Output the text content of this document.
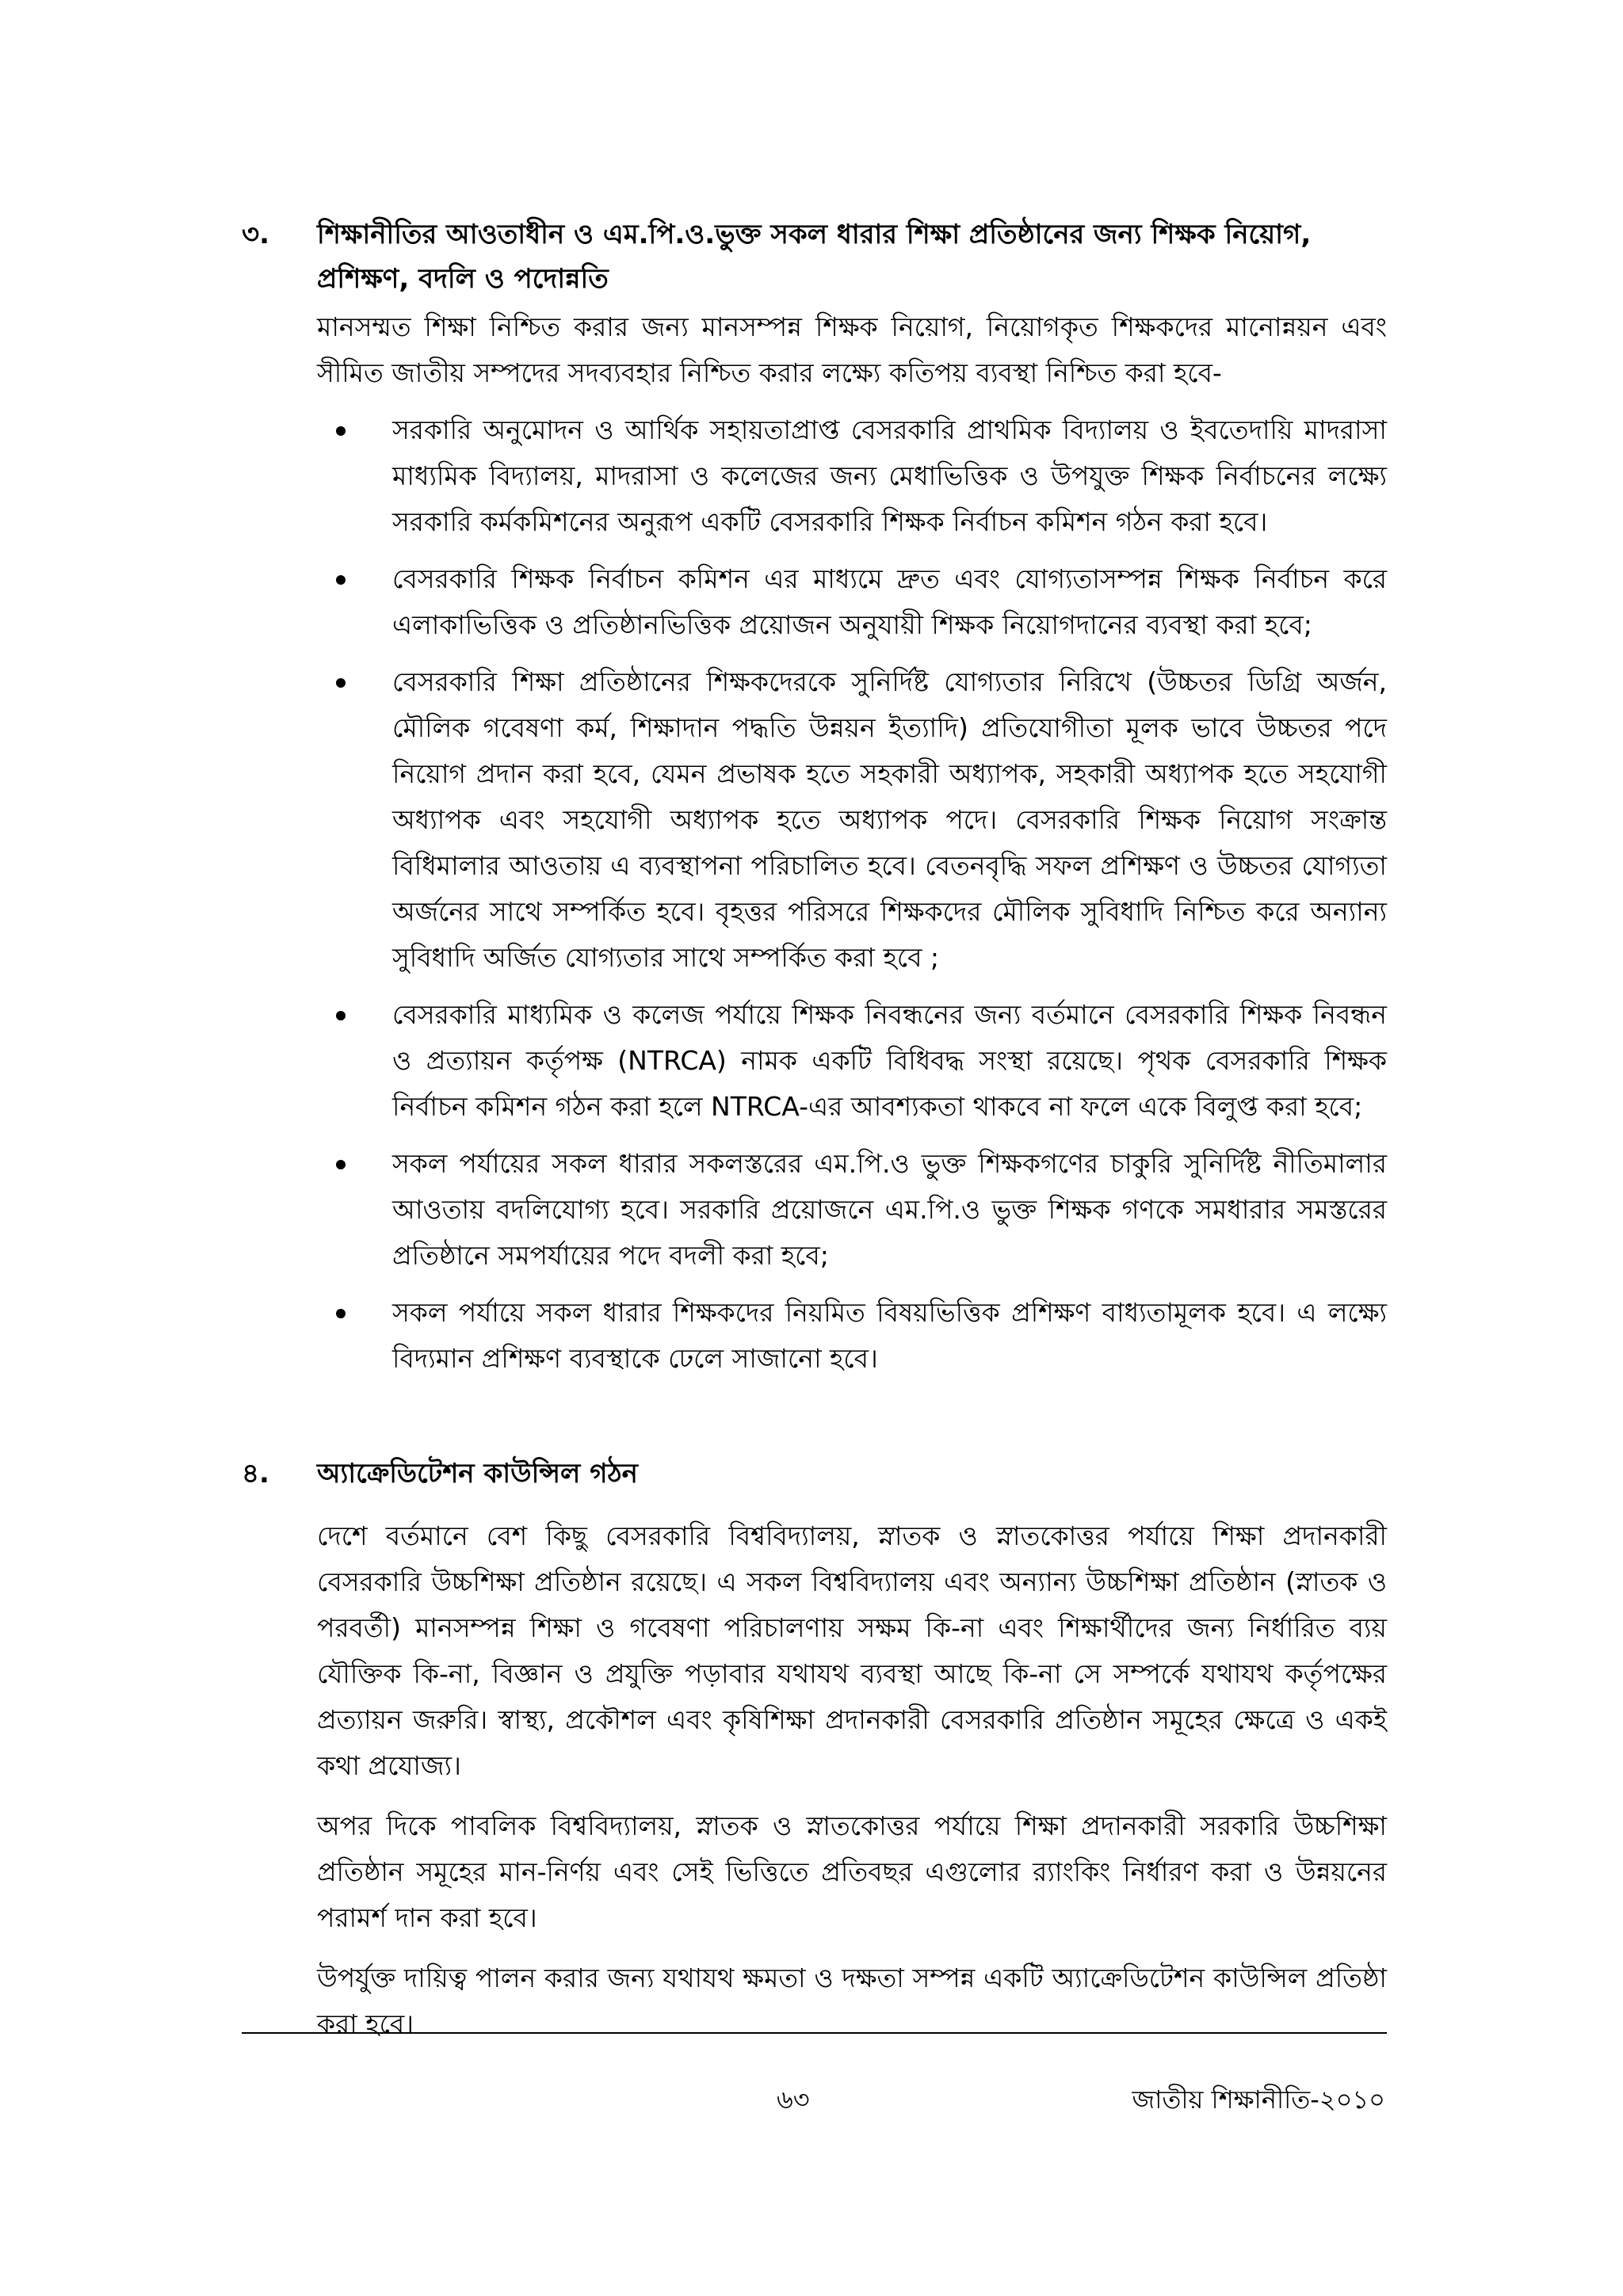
৩. শিক্ষানীতির আওতাধীন ও এম.পি.ও.ভুক্ত সকল ধারার শিক্ষা প্রতিষ্ঠানের জন্য শিক্ষক নিয়োগ, প্রশিক্ষণ, বদলি ও পদোন্নতি

মানসম্মত শিক্ষা নিশ্চিত করার জন্য মানসম্পন্ন শিক্ষক নিয়োগ, নিয়োগকৃত শিক্ষকদের মানোন্নয়ন এবং সীমিত জাতীয় সম্পদের সদব্যবহার নিশ্চিত করার লক্ষ্যে কতিপয় ব্যবস্থা নিশ্চিত করা হবে-

সরকারি অনুমোদন ও আর্থিক সহায়তাপ্রাপ্ত বেসরকারি প্রাথমিক বিদ্যালয় ও ইবতেদায়ি মাদরাসা মাধ্যমিক বিদ্যালয়, মাদরাসা ও কলেজের জন্য মেধাভিত্তিক ও উপযুক্ত শিক্ষক নির্বাচনের লক্ষ্যে সরকারি কর্মকমিশনের অনুরূপ একটি বেসরকারি শিক্ষক নির্বাচন কমিশন গঠন করা হবে।

বেসরকারি শিক্ষক নির্বাচন কমিশন এর মাধ্যমে দ্রুত এবং যোগ্যতাসম্পন্ন শিক্ষক নির্বাচন করে এলাকাভিত্তিক ও প্রতিষ্ঠানভিত্তিক প্রয়োজন অনুযায়ী শিক্ষক নিয়োগদানের ব্যবস্থা করা হবে;

বেসরকারি শিক্ষা প্রতিষ্ঠানের শিক্ষকদেরকে সুনির্দিষ্ট যোগ্যতার নিরিখে (উচ্চতর ডিগ্রি অর্জন, মৌলিক গবেষণা কর্ম, শিক্ষাদান পদ্ধতি উন্নয়ন ইত্যাদি) প্রতিযোগীতা মূলক ভাবে উচ্চতর পদে নিয়োগ প্রদান করা হবে, যেমন প্রভাষক হতে সহকারী অধ্যাপক, সহকারী অধ্যাপক হতে সহযোগী অধ্যাপক এবং সহযোগী অধ্যাপক হতে অধ্যাপক পদে। বেসরকারি শিক্ষক নিয়োগ সংক্রান্ত বিধিমালার আওতায় এ ব্যবস্থাপনা পরিচালিত হবে। বেতনবৃদ্ধি সফল প্রশিক্ষণ ও উচ্চতর যোগ্যতা অর্জনের সাথে সম্পর্কিত হবে। বৃহত্তর পরিসরে শিক্ষকদের মৌলিক সুবিধাদি নিশ্চিত করে অন্যান্য সুবিধাদি অর্জিত যোগ্যতার সাথে সম্পর্কিত করা হবে ;

বেসরকারি মাধ্যমিক ও কলেজ পর্যায়ে শিক্ষক নিবন্ধনের জন্য বর্তমানে বেসরকারি শিক্ষক নিবন্ধন ও প্রত্যায়ন কর্তৃপক্ষ (NTRCA) নামক একটি বিধিবদ্ধ সংস্থা রয়েছে। পৃথক বেসরকারি শিক্ষক নির্বাচন কমিশন গঠন করা হলে NTRCA-এর আবশ্যকতা থাকবে না ফলে একে বিলুপ্ত করা হবে;

সকল পর্যায়ের সকল ধারার সকলস্তরের এম.পি.ও ভুক্ত শিক্ষকগণের চাকুরি সুনির্দিষ্ট নীতিমালার আওতায় বদলিযোগ্য হবে। সরকারি প্রয়োজনে এম.পি.ও ভুক্ত শিক্ষক গণকে সমধারার সমস্তরের প্রতিষ্ঠানে সমপর্যায়ের পদে বদলী করা হবে;

সকল পর্যায়ে সকল ধারার শিক্ষকদের নিয়মিত বিষয়ভিত্তিক প্রশিক্ষণ বাধ্যতামূলক হবে। এ লক্ষ্যে বিদ্যমান প্রশিক্ষণ ব্যবস্থাকে ঢেলে সাজানো হবে।

৪. অ্যাক্রেডিটেশন কাউন্সিল গঠন

দেশে বর্তমানে বেশ কিছু বেসরকারি বিশ্ববিদ্যালয়, স্নাতক ও স্নাতকোত্তর পর্যায়ে শিক্ষা প্রদানকারী বেসরকারি উচ্চশিক্ষা প্রতিষ্ঠান রয়েছে। এ সকল বিশ্ববিদ্যালয় এবং অন্যান্য উচ্চশিক্ষা প্রতিষ্ঠান (স্নাতক ও পরবর্তী) মানসম্পন্ন শিক্ষা ও গবেষণা পরিচালণায় সক্ষম কি-না এবং শিক্ষার্থীদের জন্য নির্ধারিত ব্যয় যৌক্তিক কি-না, বিজ্ঞান ও প্রযুক্তি পড়াবার যথাযথ ব্যবস্থা আছে কি-না সে সম্পর্কে যথাযথ কর্তৃপক্ষের প্রত্যায়ন জরুরি। স্বাস্থ্য, প্রকৌশল এবং কৃষিশিক্ষা প্রদানকারী বেসরকারি প্রতিষ্ঠান সমূহের ক্ষেত্রে ও একই কথা প্রযোজ্য।

অপর দিকে পাবলিক বিশ্ববিদ্যালয়, স্নাতক ও স্নাতকোত্তর পর্যায়ে শিক্ষা প্রদানকারী সরকারি উচ্চশিক্ষা প্রতিষ্ঠান সমূহের মান-নির্ণয় এবং সেই ভিত্তিতে প্রতিবছর এগুলোর র‌্যাংকিং নির্ধারণ করা ও উন্নয়নের পরামর্শ দান করা হবে।

উপর্যুক্ত দায়িত্ব পালন করার জন্য যথাযথ ক্ষমতা ও দক্ষতা সম্পন্ন একটি অ্যাক্রেডিটেশন কাউন্সিল প্রতিষ্ঠা করা হবে।

৬৩	জাতীয় শিক্ষানীতি-২০১০
